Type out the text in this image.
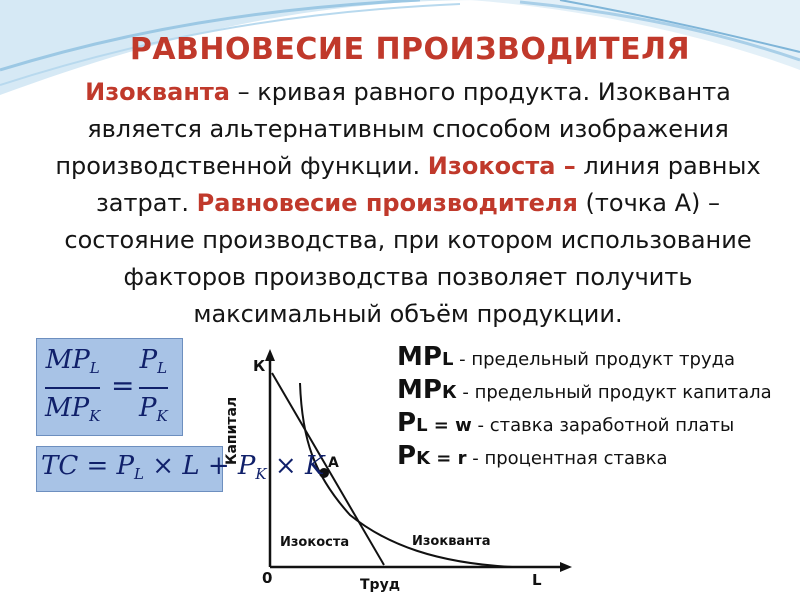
РАВНОВЕСИЕ ПРОИЗВОДИТЕЛЯ
Изокванта – кривая равного продукта. Изокванта является альтернативным способом изображения производственной функции. Изокоста – линия равных затрат. Равновесие производителя (точка А) – состояние производства, при котором использование факторов производства позволяет получить максимальный объём продукции.
$MP_L$
$MP_K$
=
$P_L$
$P_K$
TC = $P_L \times L + P_K \times K$
К
Капитал
0
А
Изокоста	Изокванта
Труд	L
MPL - предельный продукт труда
MPК - предельный продукт капитала
PL = w - ставка заработной платы
PK = r - процентная ставка
